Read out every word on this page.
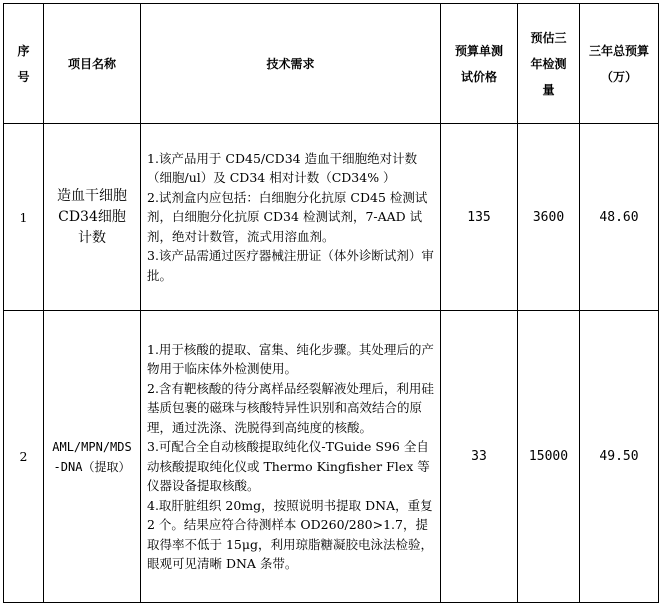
序号	项目名称	技术需求	预算单测试价格	预估三年检测量	三年总预算（万）
1	造血干细胞CD34细胞计数	1.该产品用于 CD45/CD34 造血干细胞绝对计数（细胞/ul）及 CD34 相对计数（CD34% ）
2.试剂盒内应包括：白细胞分化抗原 CD45 检测试剂，白细胞分化抗原 CD34 检测试剂，7-AAD 试剂，绝对计数管，流式用溶血剂。
3.该产品需通过医疗器械注册证（体外诊断试剂）审批。	135	3600	48.60
2	AML/MPN/MDS-DNA（提取）	1.用于核酸的提取、富集、纯化步骤。其处理后的产物用于临床体外检测使用。
2.含有靶核酸的待分离样品经裂解液处理后，利用硅基质包裹的磁珠与核酸特异性识别和高效结合的原理，通过洗涤、洗脱得到高纯度的核酸。
3.可配合全自动核酸提取纯化仪-TGuide S96 全自动核酸提取纯化仪或 Thermo Kingfisher Flex 等仪器设备提取核酸。
4.取肝脏组织 20mg，按照说明书提取 DNA，重复 2 个。结果应符合待测样本 OD260/280>1.7，提取得率不低于 15μg，利用琼脂糖凝胶电泳法检验，眼观可见清晰 DNA 条带。	33	15000	49.50
